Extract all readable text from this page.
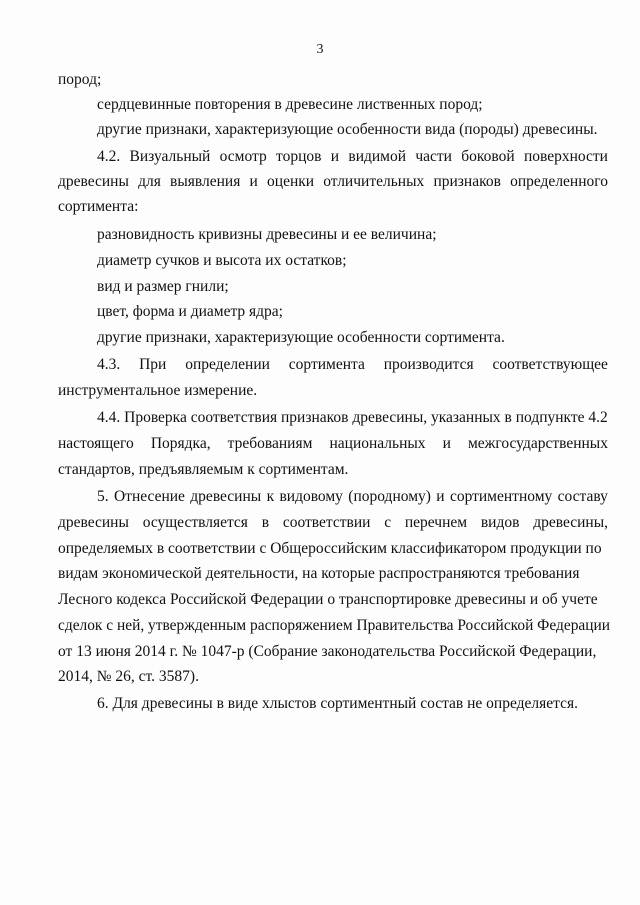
3
пород;
сердцевинные повторения в древесине лиственных пород;
другие признаки, характеризующие особенности вида (породы) древесины.
4.2. Визуальный осмотр торцов и видимой части боковой поверхности
древесины для выявления и оценки отличительных признаков определенного
сортимента:
разновидность кривизны древесины и ее величина;
диаметр сучков и высота их остатков;
вид и размер гнили;
цвет, форма и диаметр ядра;
другие признаки, характеризующие особенности сортимента.
4.3. При определении сортимента производится соответствующее
инструментальное измерение.
4.4. Проверка соответствия признаков древесины, указанных в подпункте 4.2
настоящего Порядка, требованиям национальных и межгосударственных
стандартов, предъявляемым к сортиментам.
5. Отнесение древесины к видовому (породному) и сортиментному составу
древесины осуществляется в соответствии с перечнем видов древесины,
определяемых в соответствии с Общероссийским классификатором продукции по
видам экономической деятельности, на которые распространяются требования
Лесного кодекса Российской Федерации о транспортировке древесины и об учете
сделок с ней, утвержденным распоряжением Правительства Российской Федерации
от 13 июня 2014 г. № 1047-р (Собрание законодательства Российской Федерации,
2014, № 26, ст. 3587).
6. Для древесины в виде хлыстов сортиментный состав не определяется.
